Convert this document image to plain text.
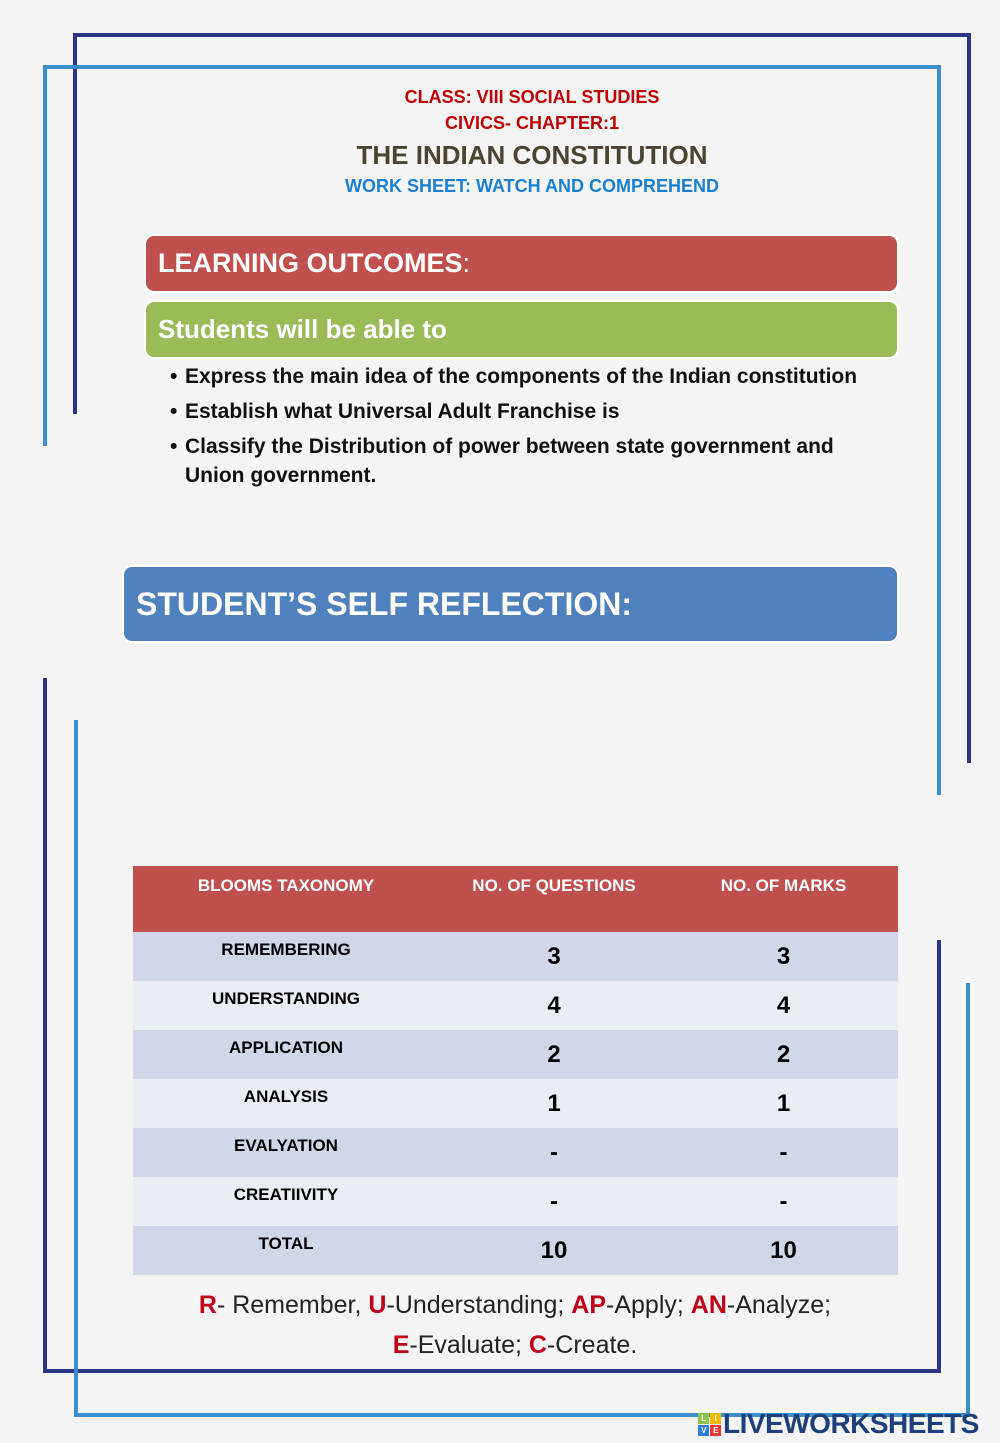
CLASS: VIII SOCIAL STUDIES
CIVICS- CHAPTER:1
THE INDIAN CONSTITUTION
WORK SHEET: WATCH AND COMPREHEND
LEARNING OUTCOMES :
Students will be able to
• Express the main idea of the components of the Indian constitution
• Establish what Universal Adult Franchise is
• Classify the Distribution of power between state government and Union government.
STUDENT’S SELF REFLECTION:
BLOOMS TAXONOMY	NO. OF QUESTIONS	NO. OF MARKS
REMEMBERING	3	3
UNDERSTANDING	4	4
APPLICATION	2	2
ANALYSIS	1	1
EVALYATION	-	-
CREATIIVITY	-	-
TOTAL	10	10
R- Remember, U-Understanding; AP-Apply; AN-Analyze;
E-Evaluate; C-Create.
L	I
V E LIVEWORKSHEETS
